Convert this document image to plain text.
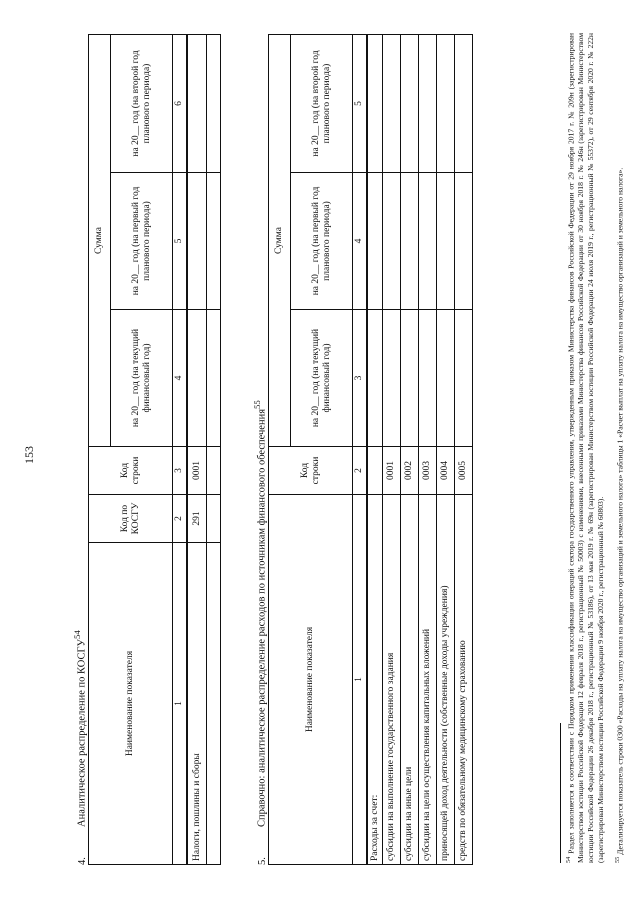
153
4.Аналитическое распределение по КОСГУ$^{54}$
Наименование показателя	Код по КОСГУ	Код строки	Сумма		
			на 20__ год (на текущий финансовый год)	на 20__ год (на первый год планового периода)	на 20__ год (на второй год планового периода)
1	2	3	4	5	6
Налоги, пошлины и сборы	291	0001			

5.Справочно: аналитическое распределение расходов по источникам финансового обеспечения$^{55}$
Наименование показателя	Код строки	Сумма		
		на 20__ год (на текущий финансовый год)	на 20__ год (на первый год планового периода)	на 20__ год (на второй год планового периода)
1	2	3	4	5
Расходы за счет:				
субсидии на выполнение государственного задания	0001			
субсидии на иные цели	0002			
субсидии на цели осуществления капитальных вложений	0003			
приносящей доход деятельности (собственные доходы учреждения)	0004			
средств по обязательному медицинскому страхованию	0005			
$^{54}$ Раздел заполняется в соответствии с Порядком применения классификации операций сектора государственного управления, утвержденным приказом Министерства финансов Российской Федерации от 29 ноября 2017 г. № 209н (зарегистрирован Министерством юстиции Российской Федерации 12 февраля 2018 г., регистрационный № 50003) с изменениями, внесенными приказами Министерства финансов Российской Федерации от 30 ноября 2018 г. № 246н (зарегистрирован Министерством юстиции Российской Федерации 26 декабря 2018 г., регистрационный № 53186), от 13 мая 2019 г. № 69н (зарегистрирован Министерством юстиции Российской Федерации 24 июля 2019 г., регистрационный № 55372), от 29 сентября 2020 г. № 222н (зарегистрирован Министерством юстиции Российской Федерации 9 ноября 2020 г., регистрационный № 60803). $^{55}$ Детализируется показатель строки 0300 «Расходы на уплату налога на имущество организаций и земельного налога» таблицы 1 «Расчет выплат на уплату налога на имущество организаций и земельного налога».
